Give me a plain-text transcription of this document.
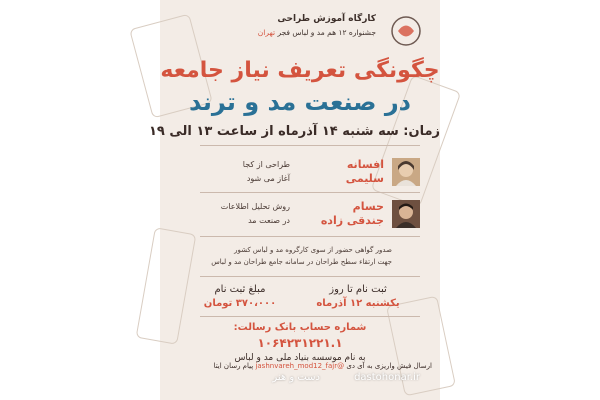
کارگاه آموزش طراحی
جشنواره ۱۲ هم مد و لباس فجر تهران
چگونگی تعریف نیاز جامعه
در صنعت مد و ترند
زمان: سه شنبه ۱۴ آذرماه از ساعت ۱۳ الی ۱۹
افسانه
سلیمی
طراحی از کجا
آغاز می شود
حسام
جندقی زاده
روش تحلیل اطلاعات
در صنعت مد
صدور گواهی حضور از سوی کارگروه مد و لباس کشور
جهت ارتقاء سطح طراحان در سامانه جامع طراحان مد و لباس
ثبت نام تا روز
یکشنبه ۱۲ آذرماه
مبلغ ثبت نام
۳۷۰،۰۰۰ تومان
شماره حساب بانک رسالت:
۱۰۶۴۲۳۱۲۲۱.۱
به نام موسسه بنیاد ملی مد و لباس
ارسال فیش واریزی به آی دی @jashnvareh_mod12_fajr پیام رسان ایتا
dastohonar.ir
دست و هنر
